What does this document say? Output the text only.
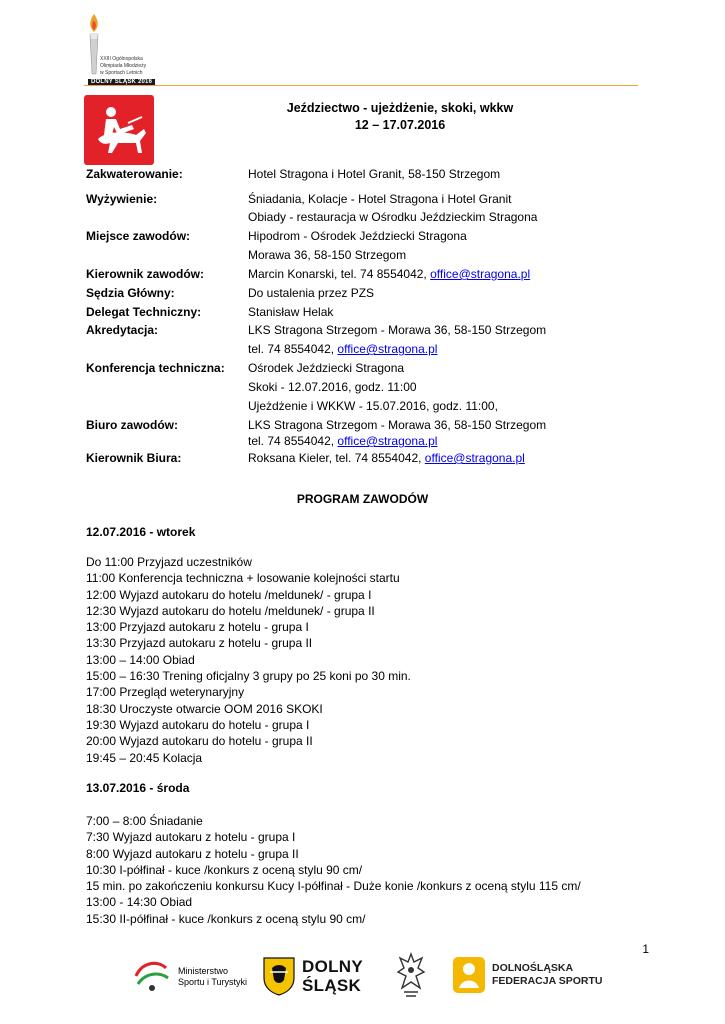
XXIII Ogólnopolska
Olimpiada Młodzieży
w Sportach Letnich
DOLNY ŚLĄSK 2016
Jeździectwo - ujeżdżenie, skoki, wkkw
12 – 17.07.2016
Zakwaterowanie:	Hotel Stragona i Hotel Granit, 58-150 Strzegom
Wyżywienie:	Śniadania, Kolacje - Hotel Stragona i Hotel Granit
Obiady - restauracja w Ośrodku Jeździeckim Stragona
Miejsce zawodów:	Hipodrom - Ośrodek Jeździecki Stragona
Morawa 36, 58-150 Strzegom
Kierownik zawodów:	Marcin Konarski, tel. 74 8554042, office@stragona.pl
Sędzia Główny:	Do ustalenia przez PZS
Delegat Techniczny:	Stanisław Helak
Akredytacja:	LKS Stragona Strzegom - Morawa 36, 58-150 Strzegom
tel. 74 8554042, office@stragona.pl
Konferencja techniczna: Ośrodek Jeździecki Stragona
Skoki - 12.07.2016, godz. 11:00
Ujeżdżenie i WKKW - 15.07.2016, godz. 11:00,
Biuro zawodów:	LKS Stragona Strzegom - Morawa 36, 58-150 Strzegom
tel. 74 8554042, office@stragona.pl
Kierownik Biura:	Roksana Kieler, tel. 74 8554042, office@stragona.pl
PROGRAM ZAWODÓW
12.07.2016 - wtorek
Do 11:00 Przyjazd uczestników
11:00 Konferencja techniczna + losowanie kolejności startu
12:00 Wyjazd autokaru do hotelu /meldunek/ - grupa I
12:30 Wyjazd autokaru do hotelu /meldunek/ - grupa II
13:00 Przyjazd autokaru z hotelu - grupa I
13:30 Przyjazd autokaru z hotelu - grupa II
13:00 – 14:00 Obiad
15:00 – 16:30 Trening oficjalny 3 grupy po 25 koni po 30 min.
17:00 Przegląd weterynaryjny
18:30 Uroczyste otwarcie OOM 2016 SKOKI
19:30 Wyjazd autokaru do hotelu - grupa I
20:00 Wyjazd autokaru do hotelu - grupa II
19:45 – 20:45 Kolacja
13.07.2016 - środa
7:00 – 8:00 Śniadanie
7:30 Wyjazd autokaru z hotelu - grupa I
8:00 Wyjazd autokaru z hotelu - grupa II
10:30 I-półfinał - kuce /konkurs z oceną stylu 90 cm/
15 min. po zakończeniu konkursu Kucy I-półfinał - Duże konie /konkurs z oceną stylu 115 cm/
13:00 - 14:30 Obiad
15:30 II-półfinał - kuce /konkurs z oceną stylu 90 cm/
1
Ministerstwo
Sportu i Turystyki
DOLNY
ŚLĄSK
DOLNOŚLĄSKA
FEDERACJA SPORTU
